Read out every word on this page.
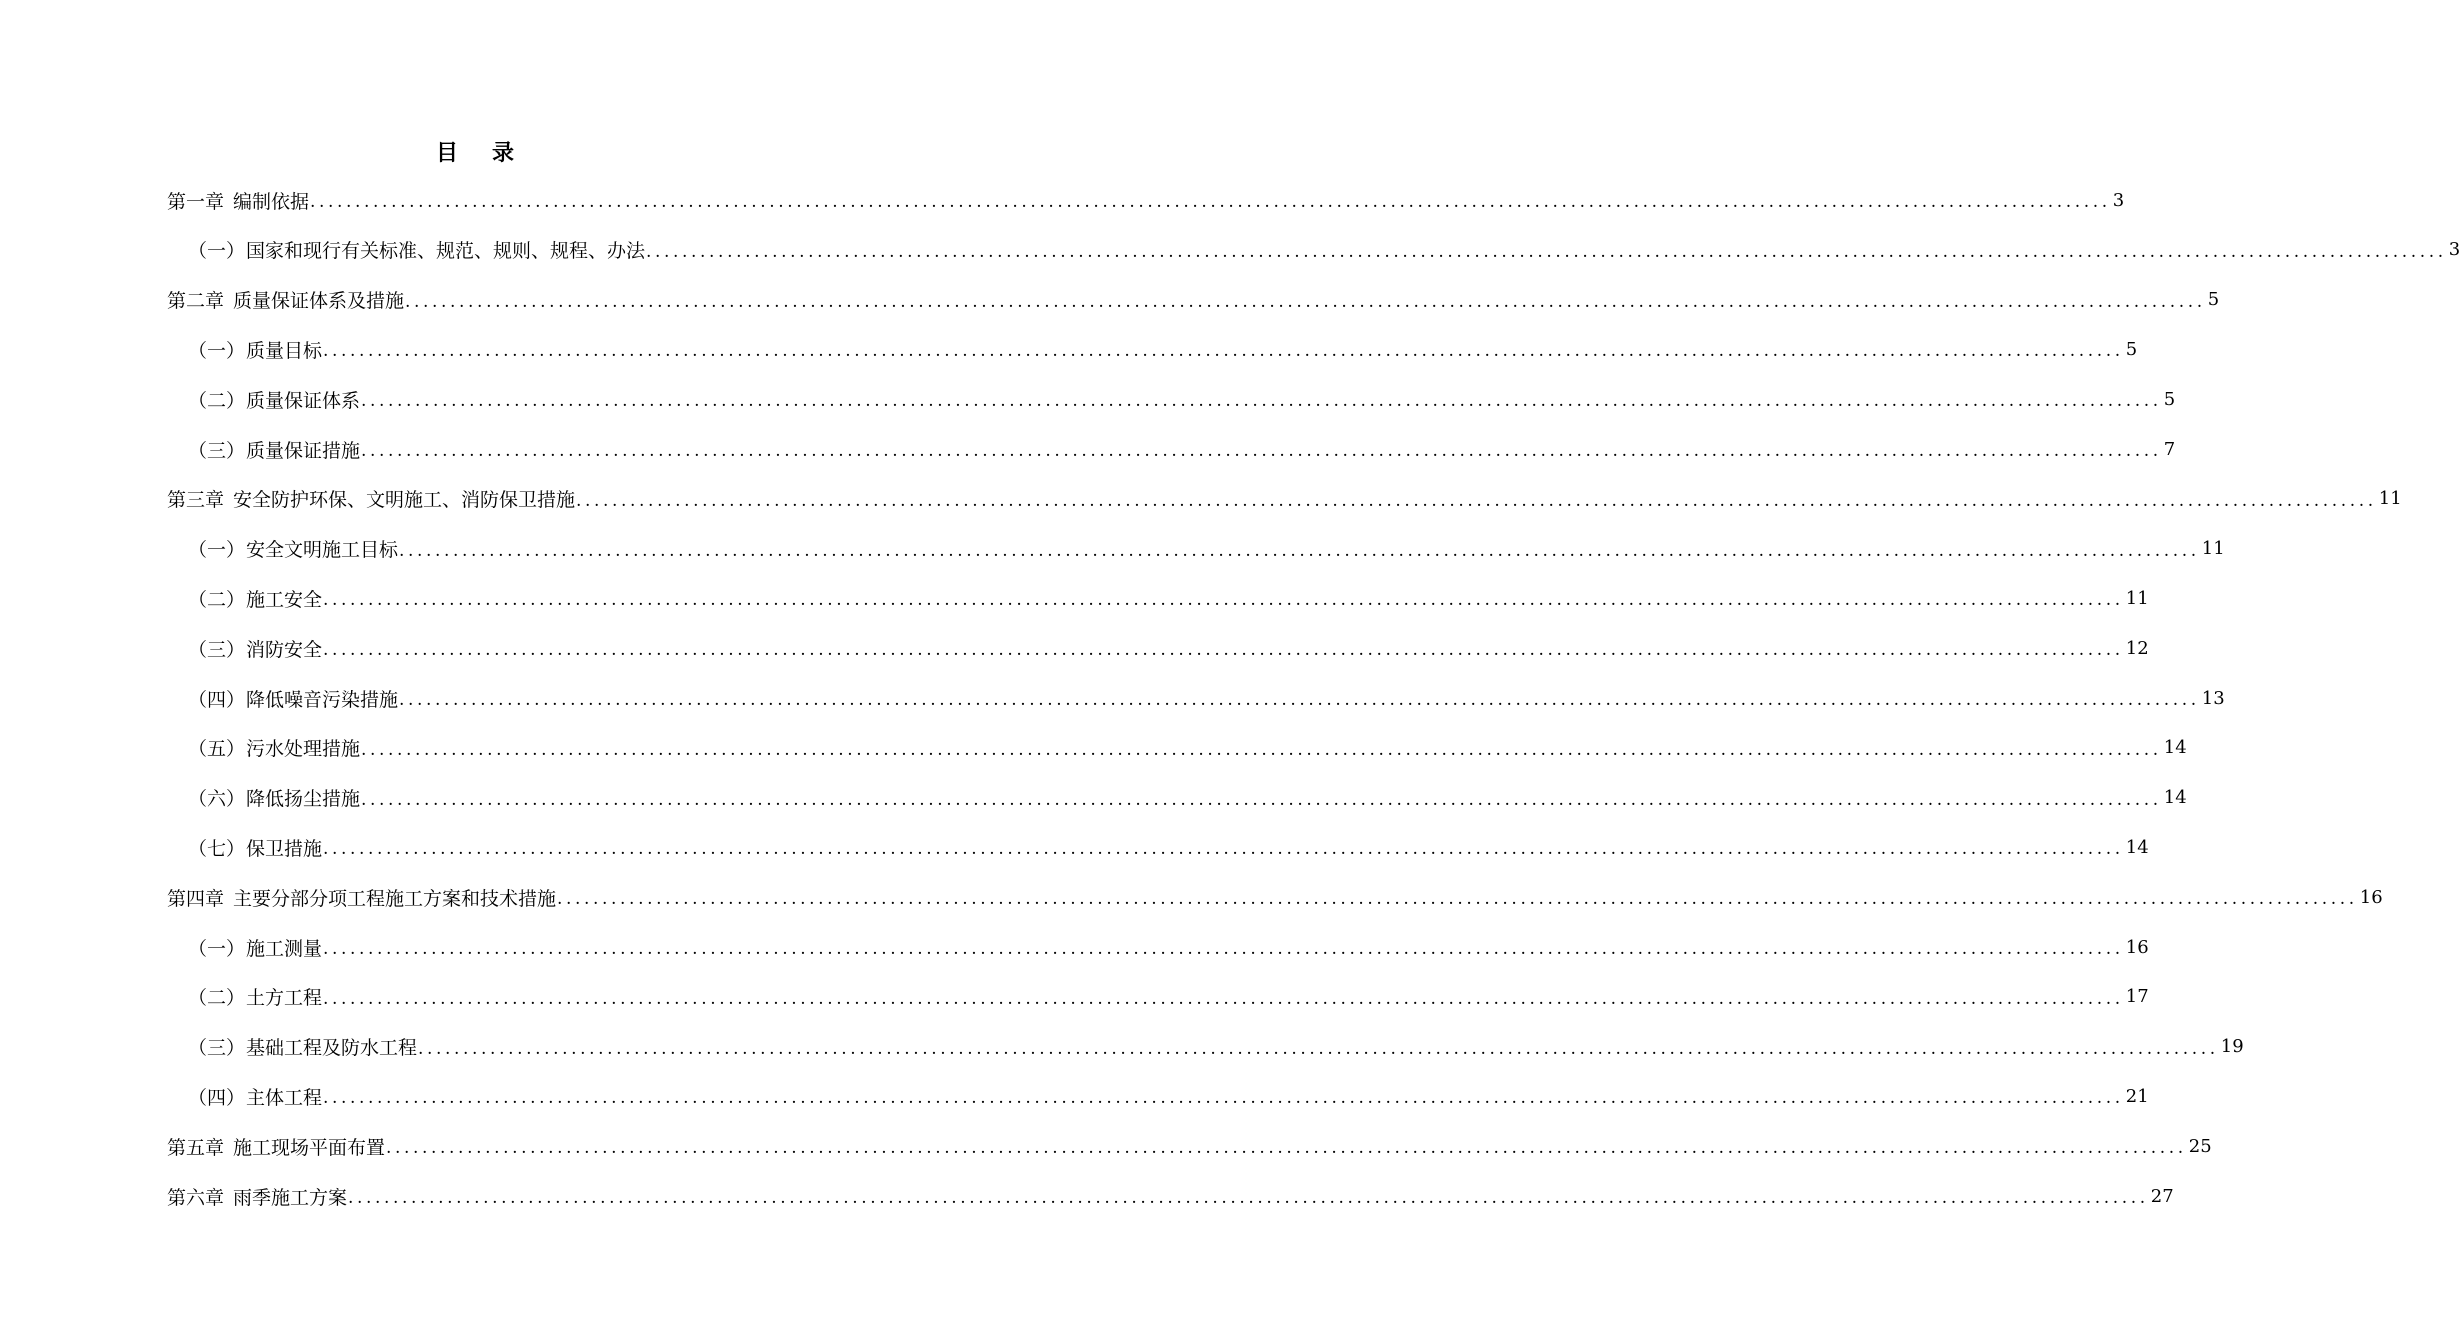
目 录
第一章 编制依据 ........................................................................................................................................................................................................ 3
（一）国家和现行有关标准、规范、规则、规程、办法 ........................................................................................................................................................................................................ 3
第二章 质量保证体系及措施 ........................................................................................................................................................................................................ 5
（一）质量目标 ........................................................................................................................................................................................................ 5
（二）质量保证体系 ........................................................................................................................................................................................................ 5
（三）质量保证措施 ........................................................................................................................................................................................................ 7
第三章 安全防护环保、文明施工、消防保卫措施 ........................................................................................................................................................................................................ 11
（一）安全文明施工目标 ........................................................................................................................................................................................................ 11
（二）施工安全 ........................................................................................................................................................................................................ 11
（三）消防安全 ........................................................................................................................................................................................................ 12
（四）降低噪音污染措施 ........................................................................................................................................................................................................ 13
（五）污水处理措施 ........................................................................................................................................................................................................ 14
（六）降低扬尘措施 ........................................................................................................................................................................................................ 14
（七）保卫措施 ........................................................................................................................................................................................................ 14
第四章 主要分部分项工程施工方案和技术措施 ........................................................................................................................................................................................................ 16
（一）施工测量 ........................................................................................................................................................................................................ 16
（二）土方工程 ........................................................................................................................................................................................................ 17
（三）基础工程及防水工程 ........................................................................................................................................................................................................ 19
（四）主体工程 ........................................................................................................................................................................................................ 21
第五章 施工现场平面布置 ........................................................................................................................................................................................................ 25
第六章 雨季施工方案 ........................................................................................................................................................................................................ 27
